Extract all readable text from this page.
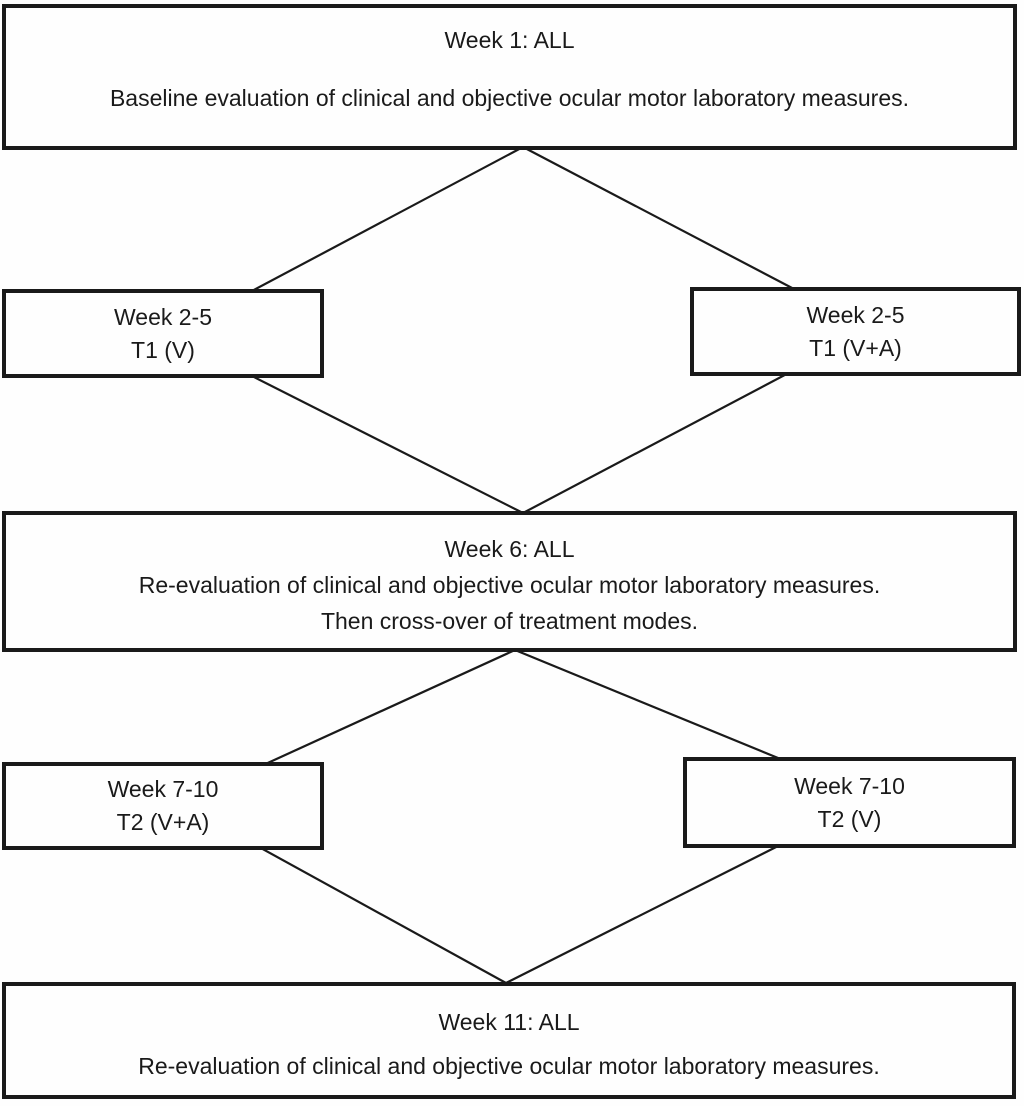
Week 1: ALL
Baseline evaluation of clinical and objective ocular motor laboratory measures.
Week 2-5
T1 (V)
Week 2-5
T1 (V+A)
Week 6: ALL
Re-evaluation of clinical and objective ocular motor laboratory measures.
Then cross-over of treatment modes.
Week 7-10
T2 (V+A)
Week 7-10
T2 (V)
Week 11: ALL
Re-evaluation of clinical and objective ocular motor laboratory measures.
